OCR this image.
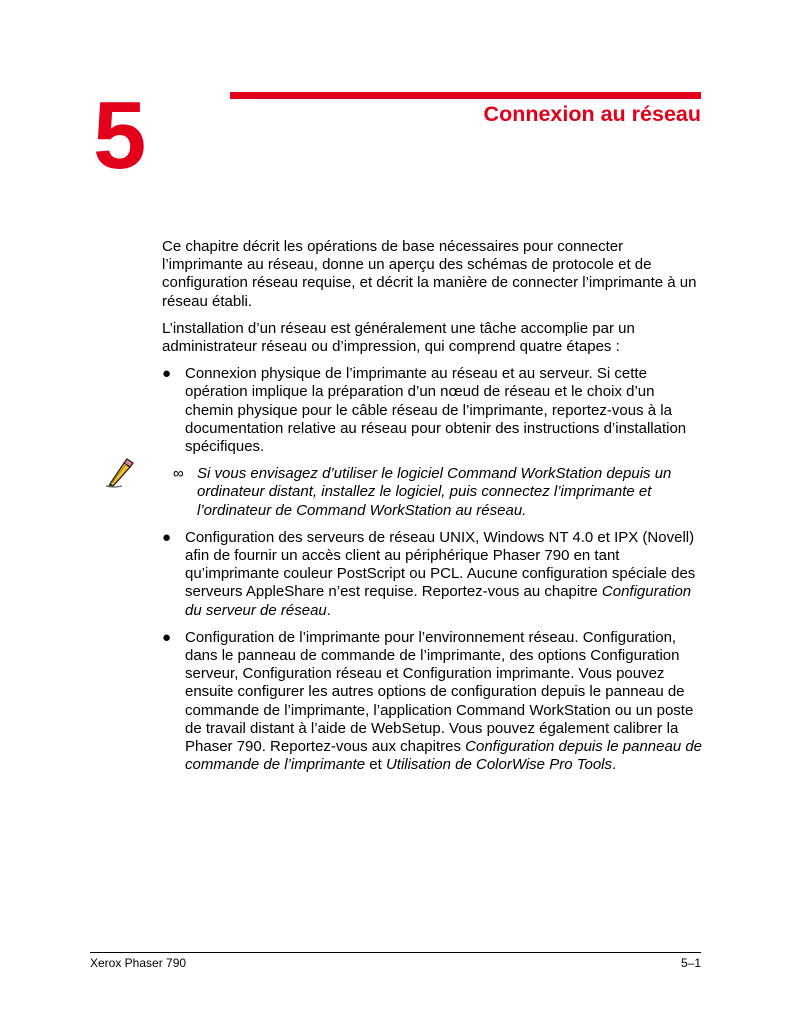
5	Connexion au réseau

Ce chapitre décrit les opérations de base nécessaires pour connecter l’imprimante au réseau, donne un aperçu des schémas de protocole et de configuration réseau requise, et décrit la manière de connecter l’imprimante à un réseau établi.

L’installation d’un réseau est généralement une tâche accomplie par un administrateur réseau ou d’impression, qui comprend quatre étapes :

● Connexion physique de l’imprimante au réseau et au serveur. Si cette opération implique la préparation d’un nœud de réseau et le choix d’un chemin physique pour le câble réseau de l’imprimante, reportez-vous à la documentation relative au réseau pour obtenir des instructions d’installation spécifiques.
∞ Si vous envisagez d’utiliser le logiciel Command WorkStation depuis un ordinateur distant, installez le logiciel, puis connectez l’imprimante et l’ordinateur de Command WorkStation au réseau.
● Configuration des serveurs de réseau UNIX, Windows NT 4.0 et IPX (Novell) afin de fournir un accès client au périphérique Phaser 790 en tant qu’imprimante couleur PostScript ou PCL. Aucune configuration spéciale des serveurs AppleShare n’est requise. Reportez-vous au chapitre Configuration du serveur de réseau.
● Configuration de l’imprimante pour l’environnement réseau. Configuration, dans le panneau de commande de l’imprimante, des options Configuration serveur, Configuration réseau et Configuration imprimante. Vous pouvez ensuite configurer les autres options de configuration depuis le panneau de commande de l’imprimante, l’application Command WorkStation ou un poste de travail distant à l’aide de WebSetup. Vous pouvez également calibrer la Phaser 790. Reportez-vous aux chapitres Configuration depuis le panneau de commande de l’imprimante et Utilisation de ColorWise Pro Tools.
Xerox Phaser 790	5–1
